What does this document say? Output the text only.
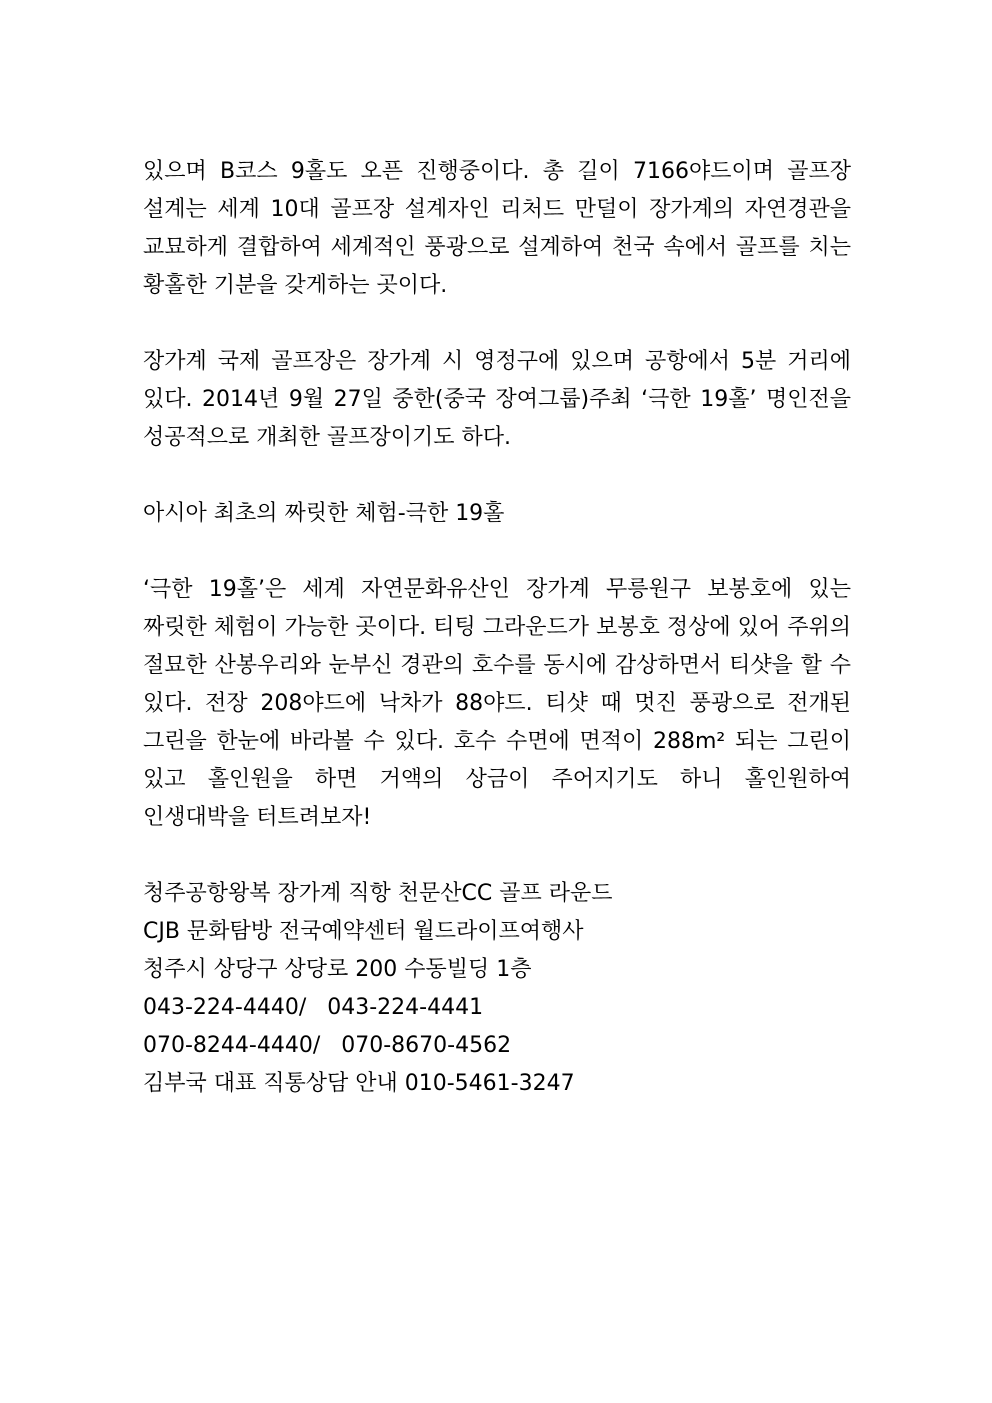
있으며 B코스 9홀도 오픈 진행중이다. 총 길이 7166야드이며 골프장 설계는 세계 10대 골프장 설계자인 리처드 만덜이 장가계의 자연경관을 교묘하게 결합하여 세계적인 풍광으로 설계하여 천국 속에서 골프를 치는 황홀한 기분을 갖게하는 곳이다.

장가계 국제 골프장은 장가계 시 영정구에 있으며 공항에서 5분 거리에 있다. 2014년 9월 27일 중한(중국 장여그룹)주최 ‘극한 19홀’ 명인전을 성공적으로 개최한 골프장이기도 하다.

아시아 최초의 짜릿한 체험-극한 19홀

‘극한 19홀’은 세계 자연문화유산인 장가계 무릉원구 보봉호에 있는 짜릿한 체험이 가능한 곳이다. 티팅 그라운드가 보봉호 정상에 있어 주위의 절묘한 산봉우리와 눈부신 경관의 호수를 동시에 감상하면서 티샷을 할 수 있다. 전장 208야드에 낙차가 88야드. 티샷 때 멋진 풍광으로 전개된 그린을 한눈에 바라볼 수 있다. 호수 수면에 면적이 288m² 되는 그린이 있고 홀인원을 하면 거액의 상금이 주어지기도 하니 홀인원하여 인생대박을 터트려보자!

청주공항왕복 장가계 직항 천문산CC 골프 라운드
CJB 문화탐방 전국예약센터 월드라이프여행사
청주시 상당구 상당로 200 수동빌딩 1층
043-224-4440/   043-224-4441
070-8244-4440/   070-8670-4562
김부국 대표 직통상담 안내 010-5461-3247
